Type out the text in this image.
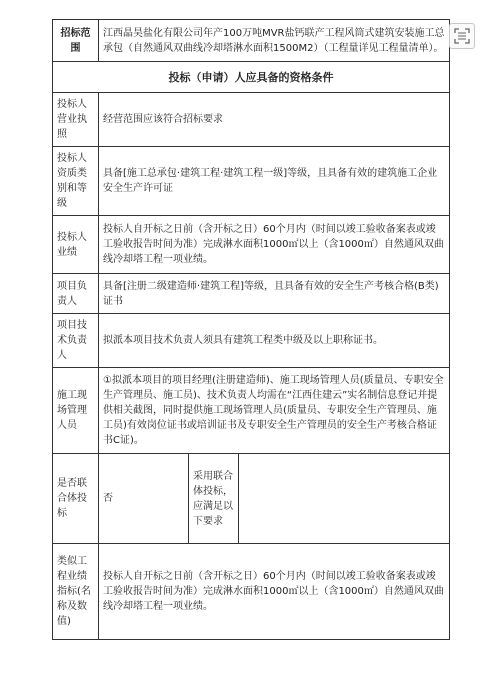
招标范围	江西晶昊盐化有限公司年产100万吨MVR盐钙联产工程风筒式建筑安装施工总承包（自然通风双曲线冷却塔淋水面积1500M2）（工程量详见工程量清单）。		
投标（申请）人应具备的资格条件			
投标人营业执照	经营范围应该符合招标要求		
投标人资质类别和等级	具备[施工总承包·建筑工程·建筑工程一级]等级，且具备有效的建筑施工企业安全生产许可证		
投标人业绩	投标人自开标之日前（含开标之日）60个月内（时间以竣工验收备案表或竣工验收报告时间为准）完成淋水面积1000㎡以上（含1000㎡）自然通风双曲线冷却塔工程一项业绩。		
项目负责人	具备[注册二级建造师·建筑工程]等级，且具备有效的安全生产考核合格(B类)证书		
项目技术负责人	拟派本项目技术负责人须具有建筑工程类中级及以上职称证书。		
施工现场管理人员	①拟派本项目的项目经理(注册建造师)、施工现场管理人员(质量员、专职安全生产管理员、施工员)、技术负责人均需在“江西住建云”实名制信息登记并提供相关截图，同时提供施工现场管理人员(质量员、专职安全生产管理员、施工员)有效岗位证书或培训证书及专职安全生产管理员的安全生产考核合格证书C证)。		
是否联合体投标	否	采用联合体投标，应满足以下要求	
类似工程业绩指标(名称及数值)	投标人自开标之日前（含开标之日）60个月内（时间以竣工验收备案表或竣工验收报告时间为准）完成淋水面积1000㎡以上（含1000㎡）自然通风双曲线冷却塔工程一项业绩。		
